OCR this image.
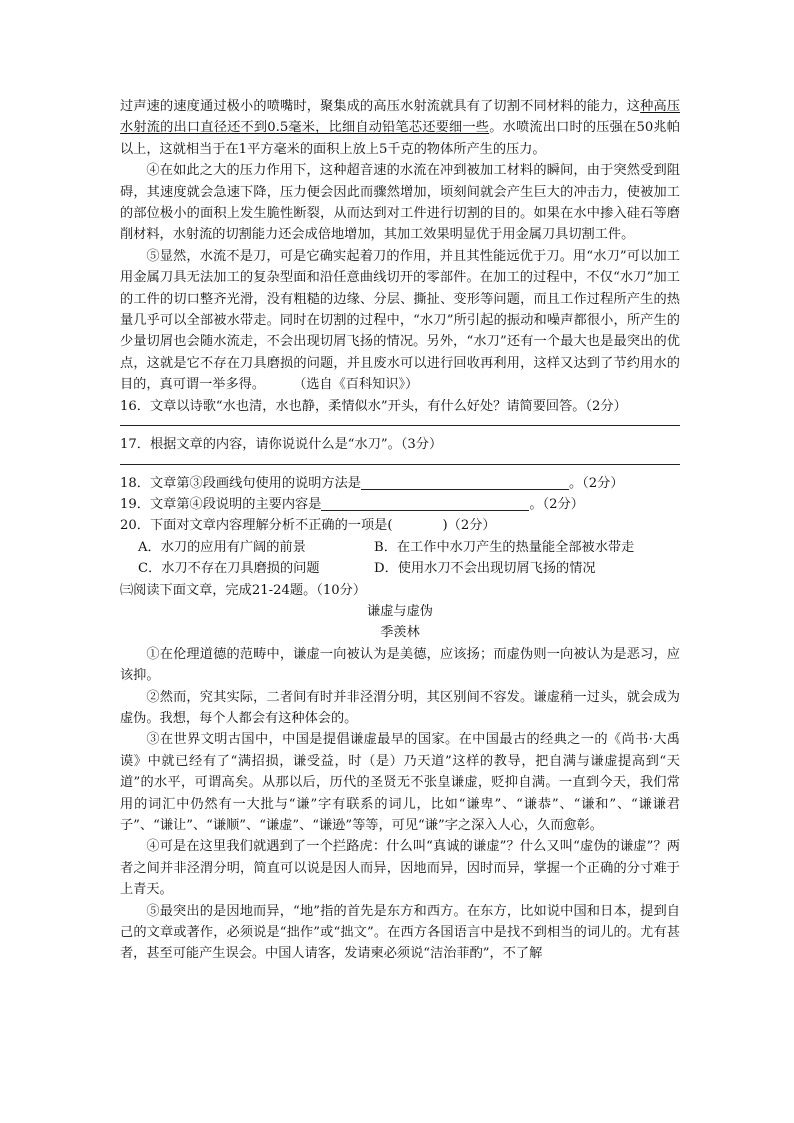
过声速的速度通过极小的喷嘴时，聚集成的高压水射流就具有了切割不同材料的能力，这种高压水射流的出口直径还不到0.5毫米，比细自动铅笔芯还要细一些。水喷流出口时的压强在50兆帕以上，这就相当于在1平方毫米的面积上放上5千克的物体所产生的压力。

④在如此之大的压力作用下，这种超音速的水流在冲到被加工材料的瞬间，由于突然受到阻碍，其速度就会急速下降，压力便会因此而骤然增加，顷刻间就会产生巨大的冲击力，使被加工的部位极小的面积上发生脆性断裂，从而达到对工件进行切割的目的。如果在水中掺入硅石等磨削材料，水射流的切割能力还会成倍地增加，其加工效果明显优于用金属刀具切割工件。

⑤显然，水流不是刀，可是它确实起着刀的作用，并且其性能远优于刀。用“水刀”可以加工用金属刀具无法加工的复杂型面和沿任意曲线切开的零部件。在加工的过程中，不仅“水刀”加工的工件的切口整齐光滑，没有粗糙的边缘、分层、撕扯、变形等问题，而且工作过程所产生的热量几乎可以全部被水带走。同时在切割的过程中，“水刀”所引起的振动和噪声都很小，所产生的少量切屑也会随水流走，不会出现切屑飞扬的情况。另外，“水刀”还有一个最大也是最突出的优点，这就是它不存在刀具磨损的问题，并且废水可以进行回收再利用，这样又达到了节约用水的目的，真可谓一举多得。 （选自《百科知识》）

16．文章以诗歌“水也清，水也静，柔情似水”开头，有什么好处？请简要回答。（2分）

17．根据文章的内容，请你说说什么是“水刀”。（3分）

18．文章第③段画线句使用的说明方法是	。（2分）

19．文章第④段说明的主要内容是	。（2分）

20．下面对文章内容理解分析不正确的一项是(	)（2分）

A．水刀的应用有广阔的前景	B．在工作中水刀产生的热量能全部被水带走
C．水刀不存在刀具磨损的问题	D．使用水刀不会出现切屑飞扬的情况

㈢阅读下面文章，完成21-24题。（10分）

谦虚与虚伪

季羡林

①在伦理道德的范畴中，谦虚一向被认为是美德，应该扬；而虚伪则一向被认为是恶习，应该抑。

②然而，究其实际，二者间有时并非泾渭分明，其区别间不容发。谦虚稍一过头，就会成为虚伪。我想，每个人都会有这种体会的。

③在世界文明古国中，中国是提倡谦虚最早的国家。在中国最古的经典之一的《尚书·大禹谟》中就已经有了“满招损，谦受益，时（是）乃天道”这样的教导，把自满与谦虚提高到“天道”的水平，可谓高矣。从那以后，历代的圣贤无不张皇谦虚，贬抑自满。一直到今天，我们常用的词汇中仍然有一大批与“谦”字有联系的词儿，比如“谦卑”、“谦恭”、“谦和”、“谦谦君子”、“谦让”、“谦顺”、“谦虚”、“谦逊”等等，可见“谦”字之深入人心，久而愈彰。

④可是在这里我们就遇到了一个拦路虎：什么叫“真诚的谦虚”？什么又叫“虚伪的谦虚”？两者之间并非泾渭分明，简直可以说是因人而异，因地而异，因时而异，掌握一个正确的分寸难于上青天。

⑤最突出的是因地而异，“地”指的首先是东方和西方。在东方，比如说中国和日本，提到自己的文章或著作，必须说是“拙作”或“拙文”。在西方各国语言中是找不到相当的词儿的。尤有甚者，甚至可能产生误会。中国人请客，发请柬必须说“洁治菲酌”，不了解
